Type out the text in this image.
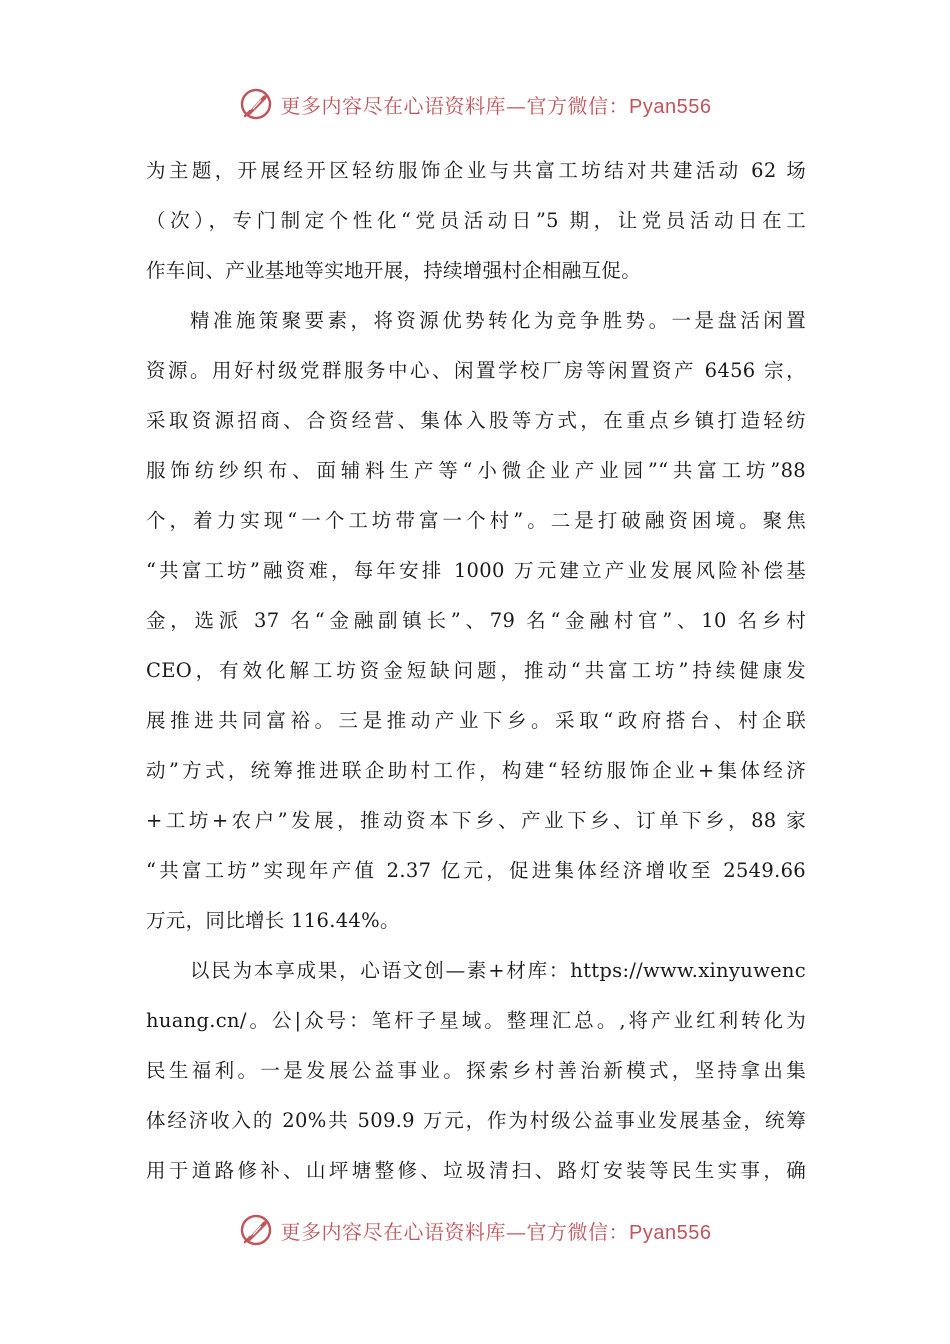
更多内容尽在心语资料库—官方微信：Pyan556
为主题，开展经开区轻纺服饰企业与共富工坊结对共建活动 62 场
（次），专门制定个性化“党员活动日”5 期，让党员活动日在工
作车间、产业基地等实地开展，持续增强村企相融互促。
精准施策聚要素，将资源优势转化为竞争胜势。一是盘活闲置
资源。用好村级党群服务中心、闲置学校厂房等闲置资产 6456 宗，
采取资源招商、合资经营、集体入股等方式，在重点乡镇打造轻纺
服饰纺纱织布、面辅料生产等“小微企业产业园”“共富工坊”88
个，着力实现“一个工坊带富一个村”。二是打破融资困境。聚焦
“共富工坊”融资难，每年安排 1000 万元建立产业发展风险补偿基
金，选派 37 名“金融副镇长”、79 名“金融村官”、10 名乡村
CEO，有效化解工坊资金短缺问题，推动“共富工坊”持续健康发
展推进共同富裕。三是推动产业下乡。采取“政府搭台、村企联
动”方式，统筹推进联企助村工作，构建“轻纺服饰企业+集体经济
+工坊+农户”发展，推动资本下乡、产业下乡、订单下乡，88 家
“共富工坊”实现年产值 2.37 亿元，促进集体经济增收至 2549.66
万元，同比增长 116.44%。
以民为本享成果，心语文创—素+材库：https://www.xinyuwenc
huang.cn/。公|众号：笔杆子星域。整理汇总。,将产业红利转化为
民生福利。一是发展公益事业。探索乡村善治新模式，坚持拿出集
体经济收入的 20%共 509.9 万元，作为村级公益事业发展基金，统筹
用于道路修补、山坪塘整修、垃圾清扫、路灯安装等民生实事，确
更多内容尽在心语资料库—官方微信：Pyan556
